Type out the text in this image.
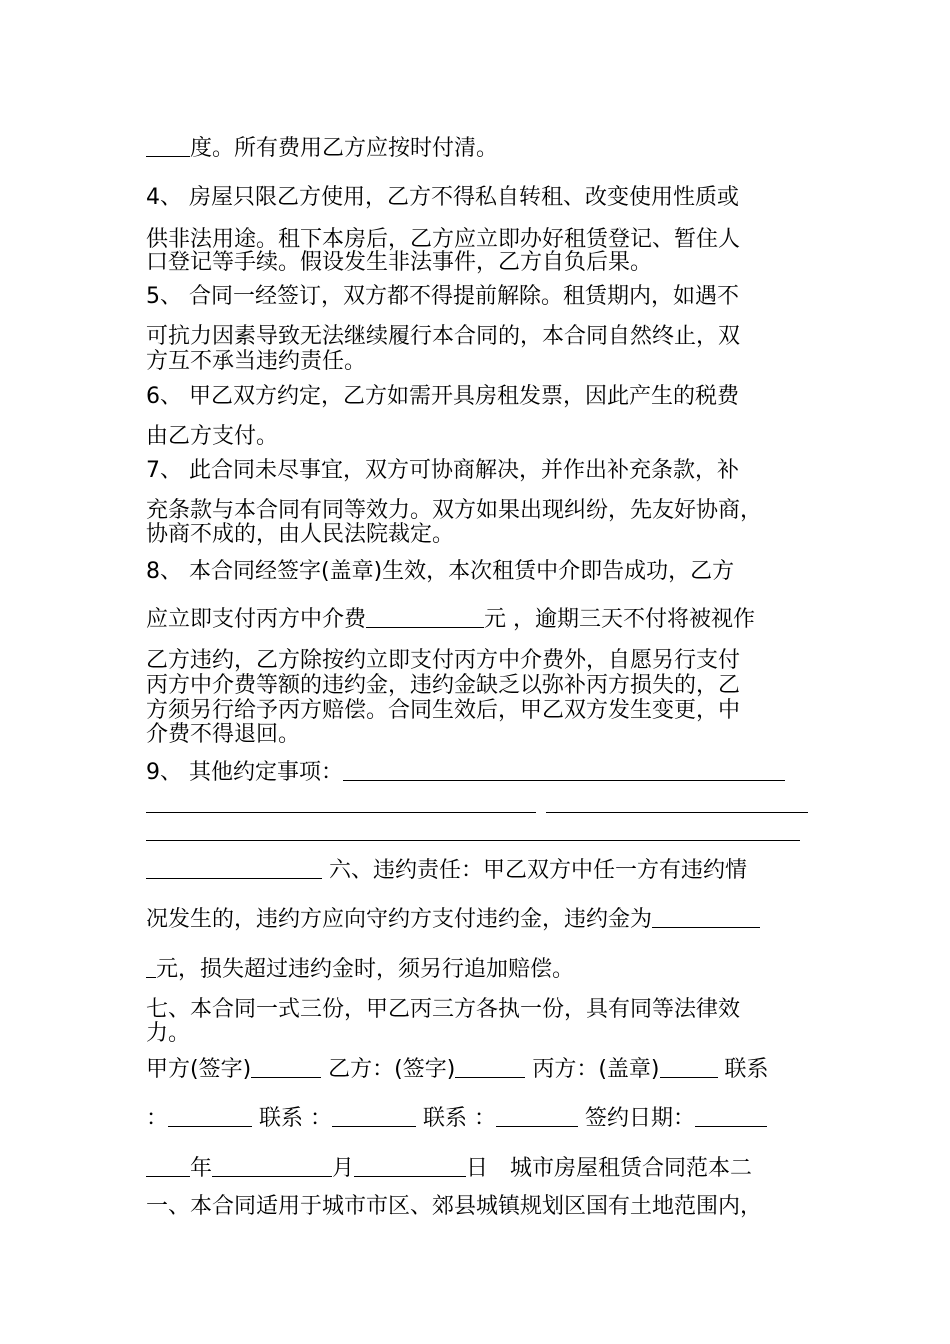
度。所有费用乙方应按时付清。
4、 房屋只限乙方使用，乙方不得私自转租、改变使用性质或
供非法用途。租下本房后，乙方应立即办好租赁登记、暂住人
口登记等手续。假设发生非法事件，乙方自负后果。
5、 合同一经签订，双方都不得提前解除。租赁期内，如遇不
可抗力因素导致无法继续履行本合同的，本合同自然终止，双
方互不承当违约责任。
6、 甲乙双方约定，乙方如需开具房租发票，因此产生的税费
由乙方支付。
7、 此合同未尽事宜，双方可协商解决，并作出补充条款，补
充条款与本合同有同等效力。双方如果出现纠纷，先友好协商，
协商不成的，由人民法院裁定。
8、 本合同经签字(盖章)生效，本次租赁中介即告成功，乙方
应立即支付丙方中介费	元 ，逾期三天不付将被视作
乙方违约，乙方除按约立即支付丙方中介费外，自愿另行支付
丙方中介费等额的违约金，违约金缺乏以弥补丙方损失的，乙
方须另行给予丙方赔偿。合同生效后，甲乙双方发生变更，中
介费不得退回。
9、 其他约定事项：
六、违约责任：甲乙双方中任一方有违约情
况发生的，违约方应向守约方支付违约金，违约金为
元，损失超过违约金时，须另行追加赔偿。
七、本合同一式三份，甲乙丙三方各执一份，具有同等法律效
力。
甲方(签字)	乙方：(签字)	丙方：(盖章)	联系
：	联系 ：	联系 ：	签约日期：
年	月	日　城市房屋租赁合同范本二
一、本合同适用于城市市区、郊县城镇规划区国有土地范围内，
